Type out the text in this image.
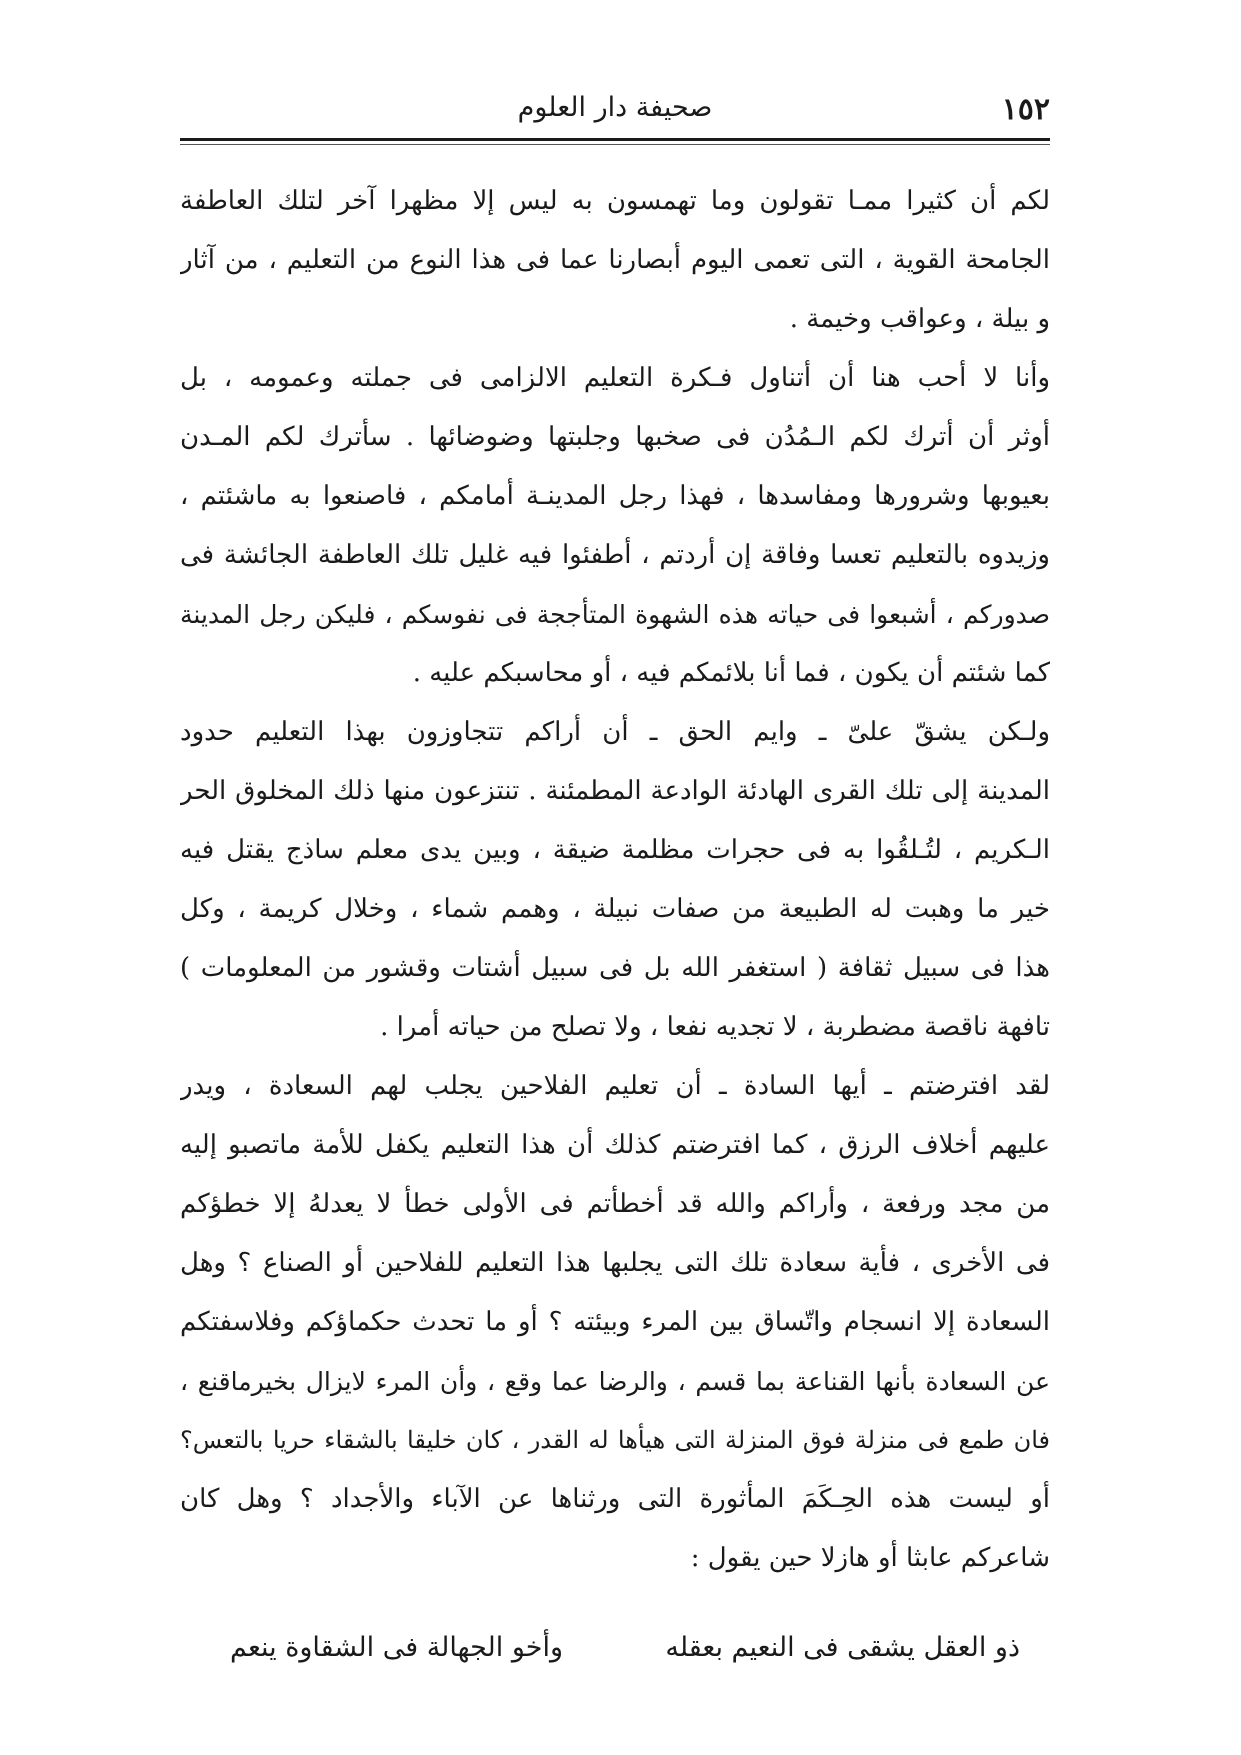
١٥٢
صحيفة دار العلوم
لكم أن كثيرا ممـا تقولون وما تهمسون به ليس إلا مظهرا آخر لتلك العاطفة
الجامحة القوية ، التى تعمى اليوم أبصارنا عما فى هذا النوع من التعليم ، من آثار
و بيلة ، وعواقب وخيمة .
وأنا لا أحب هنا أن أتناول فـكرة التعليم الالزامى فى جملته وعمومه ، بل
أوثر أن أترك لكم الـمُدُن فى صخبها وجلبتها وضوضائها . سأترك لكم المـدن
بعيوبها وشرورها ومفاسدها ، فهذا رجل المدينـة أمامكم ، فاصنعوا به ماشئتم ،
وزيدوه بالتعليم تعسا وفاقة إن أردتم ، أطفئوا فيه غليل تلك العاطفة الجائشة فى
صدوركم ، أشبعوا فى حياته هذه الشهوة المتأججة فى نفوسكم ، فليكن رجل المدينة
كما شئتم أن يكون ، فما أنا بلائمكم فيه ، أو محاسبكم عليه .
ولـكن يشقّ علىّ ـ وايم الحق ـ أن أراكم تتجاوزون بهذا التعليم حدود
المدينة إلى تلك القرى الهادئة الوادعة المطمئنة . تنتزعون منها ذلك المخلوق الحر
الـكريم ، لتُـلقُوا به فى حجرات مظلمة ضيقة ، وبين يدى معلم ساذج يقتل فيه
خير ما وهبت له الطبيعة من صفات نبيلة ، وهمم شماء ، وخلال كريمة ، وكل
هذا فى سبيل ثقافة ( استغفر الله بل فى سبيل أشتات وقشور من المعلومات )
تافهة ناقصة مضطربة ، لا تجديه نفعا ، ولا تصلح من حياته أمرا .
لقد افترضتم ـ أيها السادة ـ أن تعليم الفلاحين يجلب لهم السعادة ، ويدر
عليهم أخلاف الرزق ، كما افترضتم كذلك أن هذا التعليم يكفل للأمة ماتصبو إليه
من مجد ورفعة ، وأراكم والله قد أخطأتم فى الأولى خطأ لا يعدلهُ إلا خطؤكم
فى الأخرى ، فأية سعادة تلك التى يجلبها هذا التعليم للفلاحين أو الصناع ؟ وهل
السعادة إلا انسجام واتّساق بين المرء وبيئته ؟ أو ما تحدث حكماؤكم وفلاسفتكم
عن السعادة بأنها القناعة بما قسم ، والرضا عما وقع ، وأن المرء لايزال بخيرماقنع ،
فان طمع فى منزلة فوق المنزلة التى هيأها له القدر ، كان خليقا بالشقاء حريا بالتعس؟
أو ليست هذه الحِـكَمَ المأثورة التى ورثناها عن الآباء والأجداد ؟ وهل كان
شاعركم عابثا أو هازلا حين يقول :
ذو العقل يشقى فى النعيم بعقله
وأخو الجهالة فى الشقاوة ينعم
